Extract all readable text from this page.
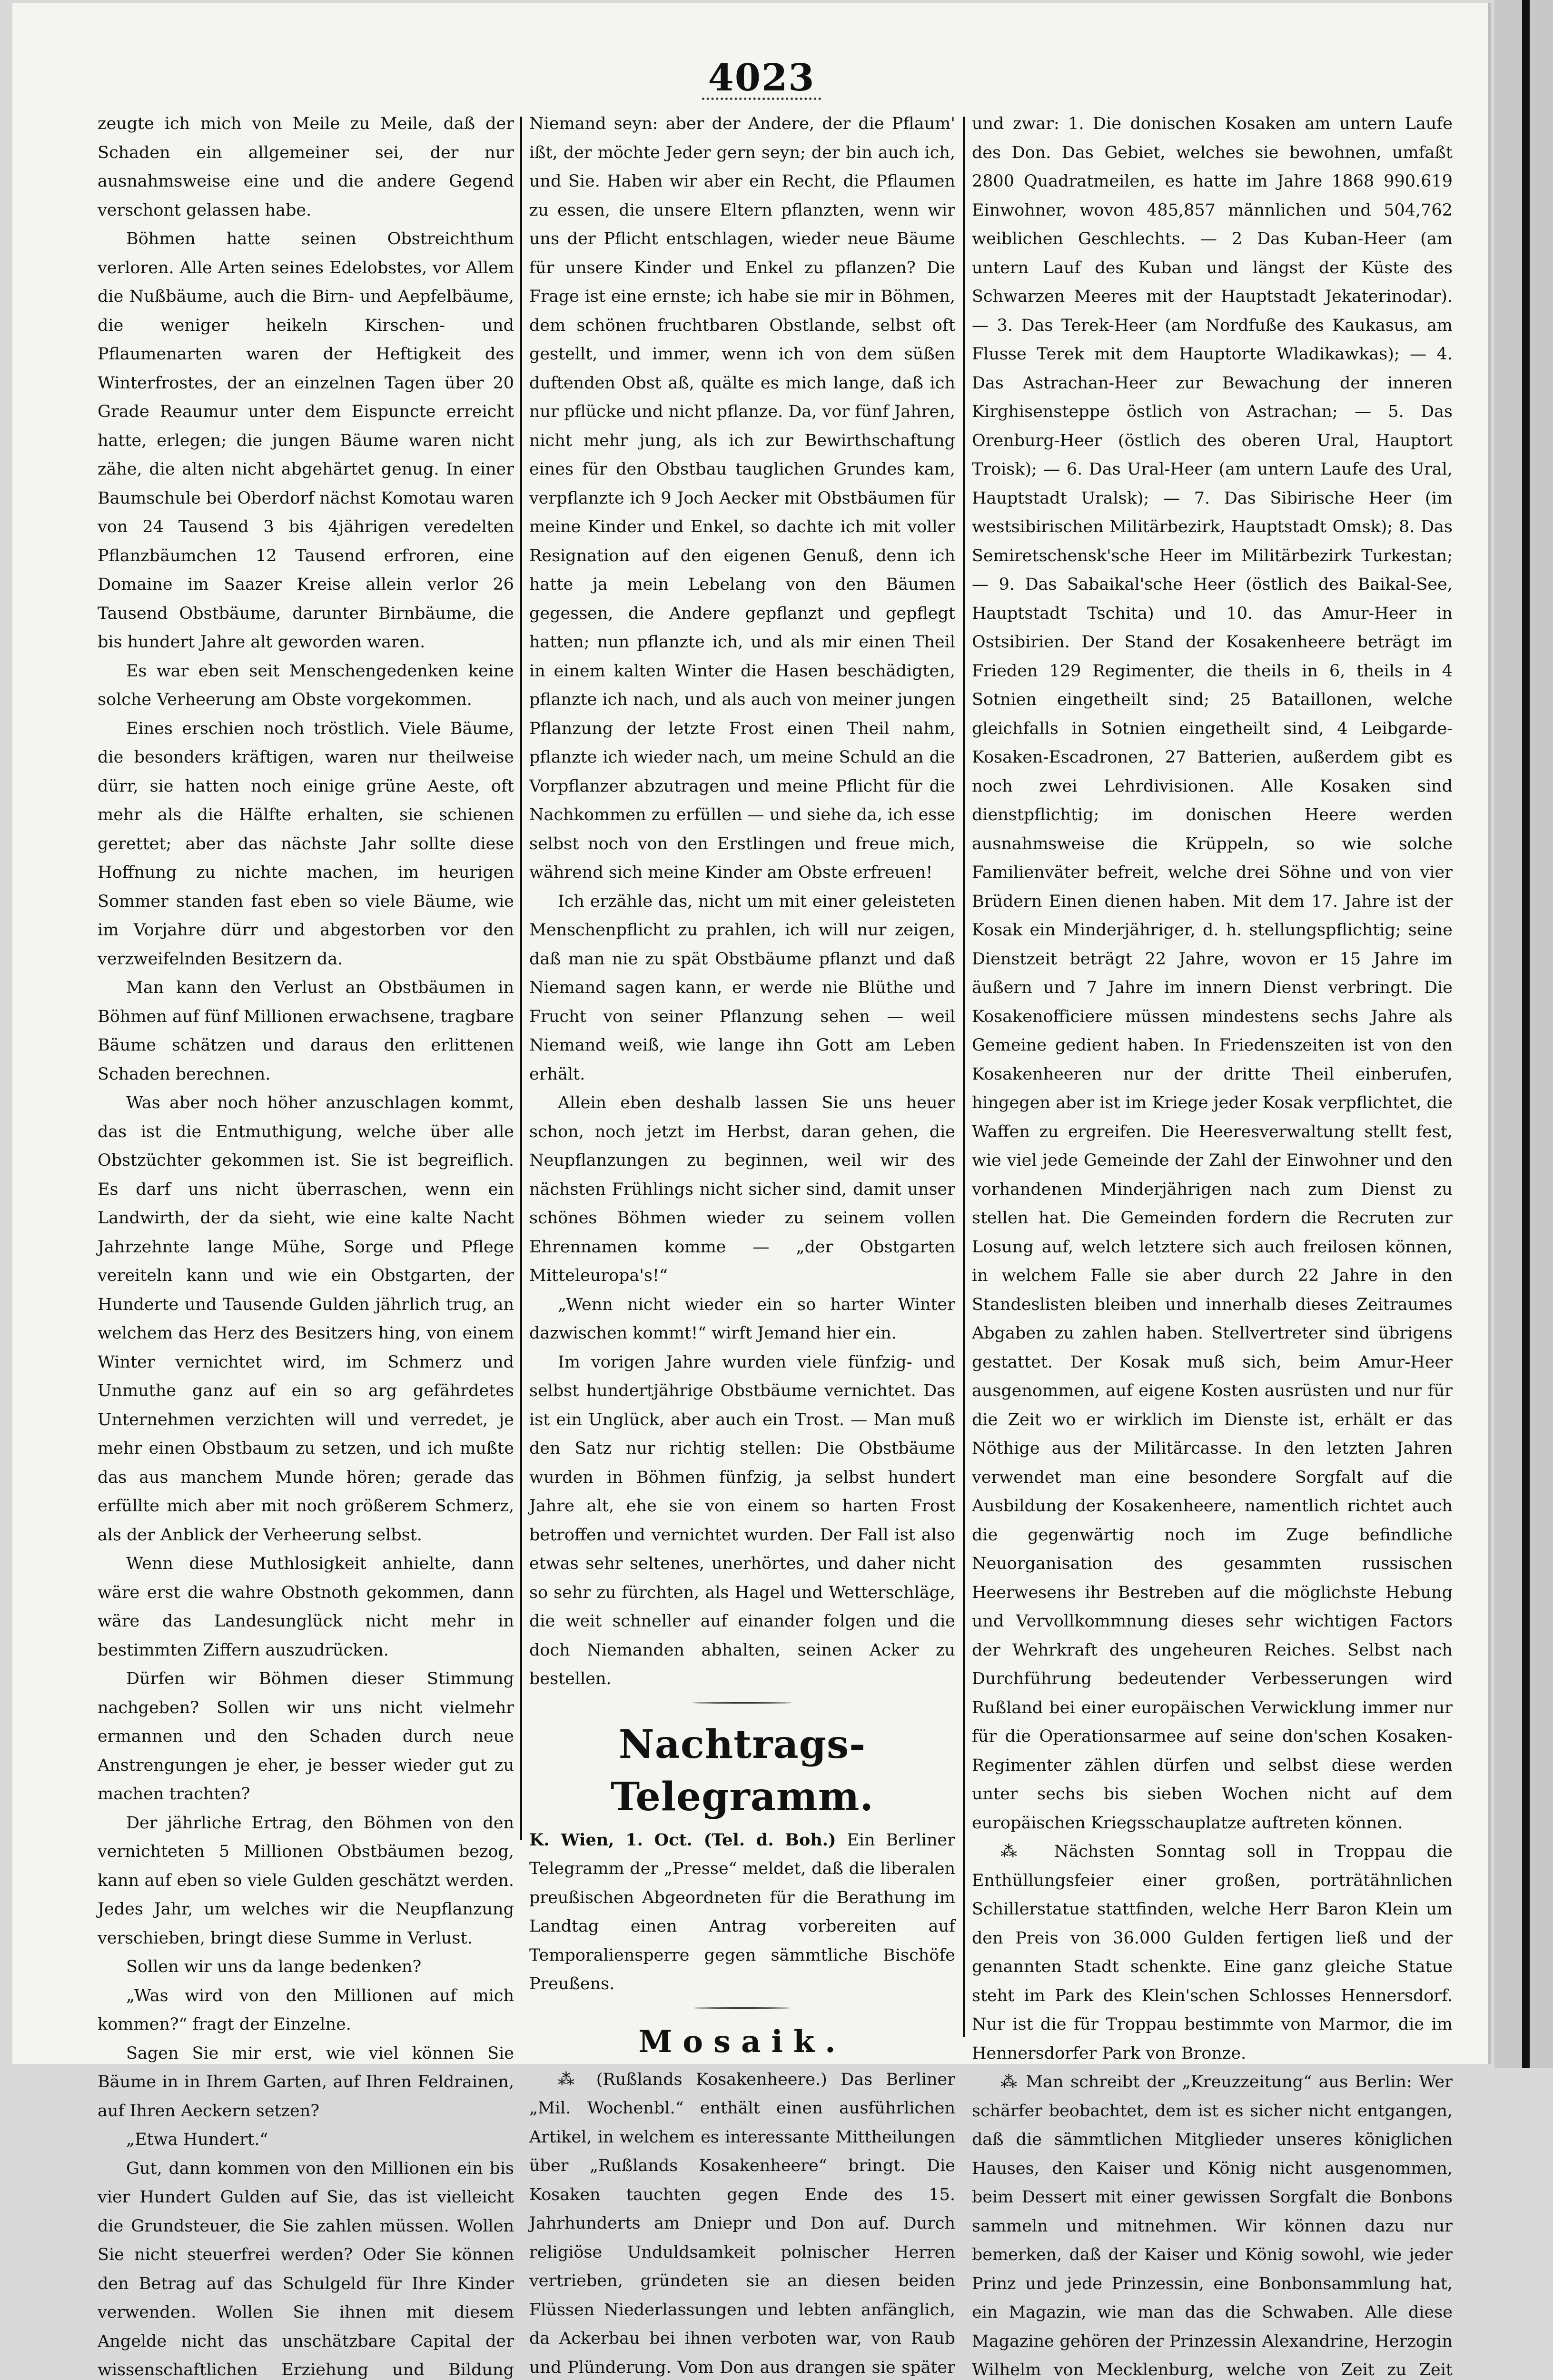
4023

zeugte ich mich von Meile zu Meile, daß der Schaden ein allgemeiner sei, der nur ausnahmsweise eine und die andere Gegend verschont gelassen habe.

Böhmen hatte seinen Obstreichthum verloren. Alle Arten seines Edelobstes, vor Allem die Nußbäume, auch die Birn- und Aepfelbäume, die weniger heikeln Kirschen- und Pflaumenarten waren der Heftigkeit des Winterfrostes, der an einzelnen Tagen über 20 Grade Reaumur unter dem Eispuncte erreicht hatte, erlegen; die jungen Bäume waren nicht zähe, die alten nicht abgehärtet genug. In einer Baumschule bei Oberdorf nächst Komotau waren von 24 Tausend 3 bis 4jährigen veredelten Pflanzbäumchen 12 Tausend erfroren, eine Domaine im Saazer Kreise allein verlor 26 Tausend Obstbäume, darunter Birnbäume, die bis hundert Jahre alt geworden waren.

Es war eben seit Menschengedenken keine solche Verheerung am Obste vorgekommen.

Eines erschien noch tröstlich. Viele Bäume, die besonders kräftigen, waren nur theilweise dürr, sie hatten noch einige grüne Aeste, oft mehr als die Hälfte erhalten, sie schienen gerettet; aber das nächste Jahr sollte diese Hoffnung zu nichte machen, im heurigen Sommer standen fast eben so viele Bäume, wie im Vorjahre dürr und abgestorben vor den verzweifelnden Besitzern da.

Man kann den Verlust an Obstbäumen in Böhmen auf fünf Millionen erwachsene, tragbare Bäume schätzen und daraus den erlittenen Schaden berechnen.

Was aber noch höher anzuschlagen kommt, das ist die Entmuthigung, welche über alle Obstzüchter gekommen ist. Sie ist begreiflich. Es darf uns nicht überraschen, wenn ein Landwirth, der da sieht, wie eine kalte Nacht Jahrzehnte lange Mühe, Sorge und Pflege vereiteln kann und wie ein Obstgarten, der Hunderte und Tausende Gulden jährlich trug, an welchem das Herz des Besitzers hing, von einem Winter vernichtet wird, im Schmerz und Unmuthe ganz auf ein so arg gefährdetes Unternehmen verzichten will und verredet, je mehr einen Obstbaum zu setzen, und ich mußte das aus manchem Munde hören; gerade das erfüllte mich aber mit noch größerem Schmerz, als der Anblick der Verheerung selbst.

Wenn diese Muthlosigkeit anhielte, dann wäre erst die wahre Obstnoth gekommen, dann wäre das Landesunglück nicht mehr in bestimmten Ziffern auszudrücken.

Dürfen wir Böhmen dieser Stimmung nachgeben? Sollen wir uns nicht vielmehr ermannen und den Schaden durch neue Anstrengungen je eher, je besser wieder gut zu machen trachten?

Der jährliche Ertrag, den Böhmen von den vernichteten 5 Millionen Obstbäumen bezog, kann auf eben so viele Gulden geschätzt werden. Jedes Jahr, um welches wir die Neupflanzung verschieben, bringt diese Summe in Verlust.

Sollen wir uns da lange bedenken?

„Was wird von den Millionen auf mich kommen?“ fragt der Einzelne.

Sagen Sie mir erst, wie viel können Sie Bäume in in Ihrem Garten, auf Ihren Feldrainen, auf Ihren Aeckern setzen?

„Etwa Hundert.“

Gut, dann kommen von den Millionen ein bis vier Hundert Gulden auf Sie, das ist vielleicht die Grundsteuer, die Sie zahlen müssen. Wollen Sie nicht steuerfrei werden? Oder Sie können den Betrag auf das Schulgeld für Ihre Kinder verwenden. Wollen Sie ihnen mit diesem Angelde nicht das unschätzbare Capital der wissenschaftlichen Erziehung und Bildung

Niemand seyn: aber der Andere, der die Pflaum' ißt, der möchte Jeder gern seyn; der bin auch ich, und Sie. Haben wir aber ein Recht, die Pflaumen zu essen, die unsere Eltern pflanzten, wenn wir uns der Pflicht entschlagen, wieder neue Bäume für unsere Kinder und Enkel zu pflanzen? Die Frage ist eine ernste; ich habe sie mir in Böhmen, dem schönen fruchtbaren Obstlande, selbst oft gestellt, und immer, wenn ich von dem süßen duftenden Obst aß, quälte es mich lange, daß ich nur pflücke und nicht pflanze. Da, vor fünf Jahren, nicht mehr jung, als ich zur Bewirthschaftung eines für den Obstbau tauglichen Grundes kam, verpflanzte ich 9 Joch Aecker mit Obstbäumen für meine Kinder und Enkel, so dachte ich mit voller Resignation auf den eigenen Genuß, denn ich hatte ja mein Lebelang von den Bäumen gegessen, die Andere gepflanzt und gepflegt hatten; nun pflanzte ich, und als mir einen Theil in einem kalten Winter die Hasen beschädigten, pflanzte ich nach, und als auch von meiner jungen Pflanzung der letzte Frost einen Theil nahm, pflanzte ich wieder nach, um meine Schuld an die Vorpflanzer abzutragen und meine Pflicht für die Nachkommen zu erfüllen — und siehe da, ich esse selbst noch von den Erstlingen und freue mich, während sich meine Kinder am Obste erfreuen!

Ich erzähle das, nicht um mit einer geleisteten Menschenpflicht zu prahlen, ich will nur zeigen, daß man nie zu spät Obstbäume pflanzt und daß Niemand sagen kann, er werde nie Blüthe und Frucht von seiner Pflanzung sehen — weil Niemand weiß, wie lange ihn Gott am Leben erhält.

Allein eben deshalb lassen Sie uns heuer schon, noch jetzt im Herbst, daran gehen, die Neupflanzungen zu beginnen, weil wir des nächsten Frühlings nicht sicher sind, damit unser schönes Böhmen wieder zu seinem vollen Ehrennamen komme — „der Obstgarten Mitteleuropa's!“

„Wenn nicht wieder ein so harter Winter dazwischen kommt!“ wirft Jemand hier ein.

Im vorigen Jahre wurden viele fünfzig- und selbst hundertjährige Obstbäume vernichtet. Das ist ein Unglück, aber auch ein Trost. — Man muß den Satz nur richtig stellen: Die Obstbäume wurden in Böhmen fünfzig, ja selbst hundert Jahre alt, ehe sie von einem so harten Frost betroffen und vernichtet wurden. Der Fall ist also etwas sehr seltenes, unerhörtes, und daher nicht so sehr zu fürchten, als Hagel und Wetterschläge, die weit schneller auf einander folgen und die doch Niemanden abhalten, seinen Acker zu bestellen.

Nachtrags-Telegramm.

K. Wien, 1. Oct. (Tel. d. Boh.) Ein Berliner Telegramm der „Presse“ meldet, daß die liberalen preußischen Abgeordneten für die Berathung im Landtag einen Antrag vorbereiten auf Temporaliensperre gegen sämmtliche Bischöfe Preußens.

Mosaik.

⁂ (Rußlands Kosakenheere.) Das Berliner „Mil. Wochenbl.“ enthält einen ausführlichen Artikel, in welchem es interessante Mittheilungen über „Rußlands Kosakenheere“ bringt. Die Kosaken tauchten gegen Ende des 15. Jahrhunderts am Dniepr und Don auf. Durch religiöse Unduldsamkeit polnischer Herren vertrieben, gründeten sie an diesen beiden Flüssen Niederlassungen und lebten anfänglich, da Ackerbau bei ihnen verboten war, von Raub und Plünderung. Vom Don aus drangen sie später

und zwar: 1. Die donischen Kosaken am untern Laufe des Don. Das Gebiet, welches sie bewohnen, umfaßt 2800 Quadratmeilen, es hatte im Jahre 1868 990.619 Einwohner, wovon 485,857 männlichen und 504,762 weiblichen Geschlechts. — 2 Das Kuban-Heer (am untern Lauf des Kuban und längst der Küste des Schwarzen Meeres mit der Hauptstadt Jekaterinodar). — 3. Das Terek-Heer (am Nordfuße des Kaukasus, am Flusse Terek mit dem Hauptorte Wladikawkas); — 4. Das Astrachan-Heer zur Bewachung der inneren Kirghisensteppe östlich von Astrachan; — 5. Das Orenburg-Heer (östlich des oberen Ural, Hauptort Troisk); — 6. Das Ural-Heer (am untern Laufe des Ural, Hauptstadt Uralsk); — 7. Das Sibirische Heer (im westsibirischen Militärbezirk, Hauptstadt Omsk); 8. Das Semiretschensk'sche Heer im Militärbezirk Turkestan; — 9. Das Sabaikal'sche Heer (östlich des Baikal-See, Hauptstadt Tschita) und 10. das Amur-Heer in Ostsibirien. Der Stand der Kosakenheere beträgt im Frieden 129 Regimenter, die theils in 6, theils in 4 Sotnien eingetheilt sind; 25 Bataillonen, welche gleichfalls in Sotnien eingetheilt sind, 4 Leibgarde-Kosaken-Escadronen, 27 Batterien, außerdem gibt es noch zwei Lehrdivisionen. Alle Kosaken sind dienstpflichtig; im donischen Heere werden ausnahmsweise die Krüppeln, so wie solche Familienväter befreit, welche drei Söhne und von vier Brüdern Einen dienen haben. Mit dem 17. Jahre ist der Kosak ein Minderjähriger, d. h. stellungspflichtig; seine Dienstzeit beträgt 22 Jahre, wovon er 15 Jahre im äußern und 7 Jahre im innern Dienst verbringt. Die Kosakenofficiere müssen mindestens sechs Jahre als Gemeine gedient haben. In Friedenszeiten ist von den Kosakenheeren nur der dritte Theil einberufen, hingegen aber ist im Kriege jeder Kosak verpflichtet, die Waffen zu ergreifen. Die Heeresverwaltung stellt fest, wie viel jede Gemeinde der Zahl der Einwohner und den vorhandenen Minderjährigen nach zum Dienst zu stellen hat. Die Gemeinden fordern die Recruten zur Losung auf, welch letztere sich auch freilosen können, in welchem Falle sie aber durch 22 Jahre in den Standeslisten bleiben und innerhalb dieses Zeitraumes Abgaben zu zahlen haben. Stellvertreter sind übrigens gestattet. Der Kosak muß sich, beim Amur-Heer ausgenommen, auf eigene Kosten ausrüsten und nur für die Zeit wo er wirklich im Dienste ist, erhält er das Nöthige aus der Militärcasse. In den letzten Jahren verwendet man eine besondere Sorgfalt auf die Ausbildung der Kosakenheere, namentlich richtet auch die gegenwärtig noch im Zuge befindliche Neuorganisation des gesammten russischen Heerwesens ihr Bestreben auf die möglichste Hebung und Vervollkommnung dieses sehr wichtigen Factors der Wehrkraft des ungeheuren Reiches. Selbst nach Durchführung bedeutender Verbesserungen wird Rußland bei einer europäischen Verwicklung immer nur für die Operationsarmee auf seine don'schen Kosaken-Regimenter zählen dürfen und selbst diese werden unter sechs bis sieben Wochen nicht auf dem europäischen Kriegsschauplatze auftreten können.

⁂ Nächsten Sonntag soll in Troppau die Enthüllungsfeier einer großen, porträtähnlichen Schillerstatue stattfinden, welche Herr Baron Klein um den Preis von 36.000 Gulden fertigen ließ und der genannten Stadt schenkte. Eine ganz gleiche Statue steht im Park des Klein'schen Schlosses Hennersdorf. Nur ist die für Troppau bestimmte von Marmor, die im Hennersdorfer Park von Bronze.

⁂ Man schreibt der „Kreuzzeitung“ aus Berlin: Wer schärfer beobachtet, dem ist es sicher nicht entgangen, daß die sämmtlichen Mitglieder unseres königlichen Hauses, den Kaiser und König nicht ausgenommen, beim Dessert mit einer gewissen Sorgfalt die Bonbons sammeln und mitnehmen. Wir können dazu nur bemerken, daß der Kaiser und König sowohl, wie jeder Prinz und jede Prinzessin, eine Bonbonsammlung hat, ein Magazin, wie man das die Schwaben. Alle diese Magazine gehören der Prinzessin Alexandrine, Herzogin Wilhelm von Mecklenburg, welche von Zeit zu Zeit
